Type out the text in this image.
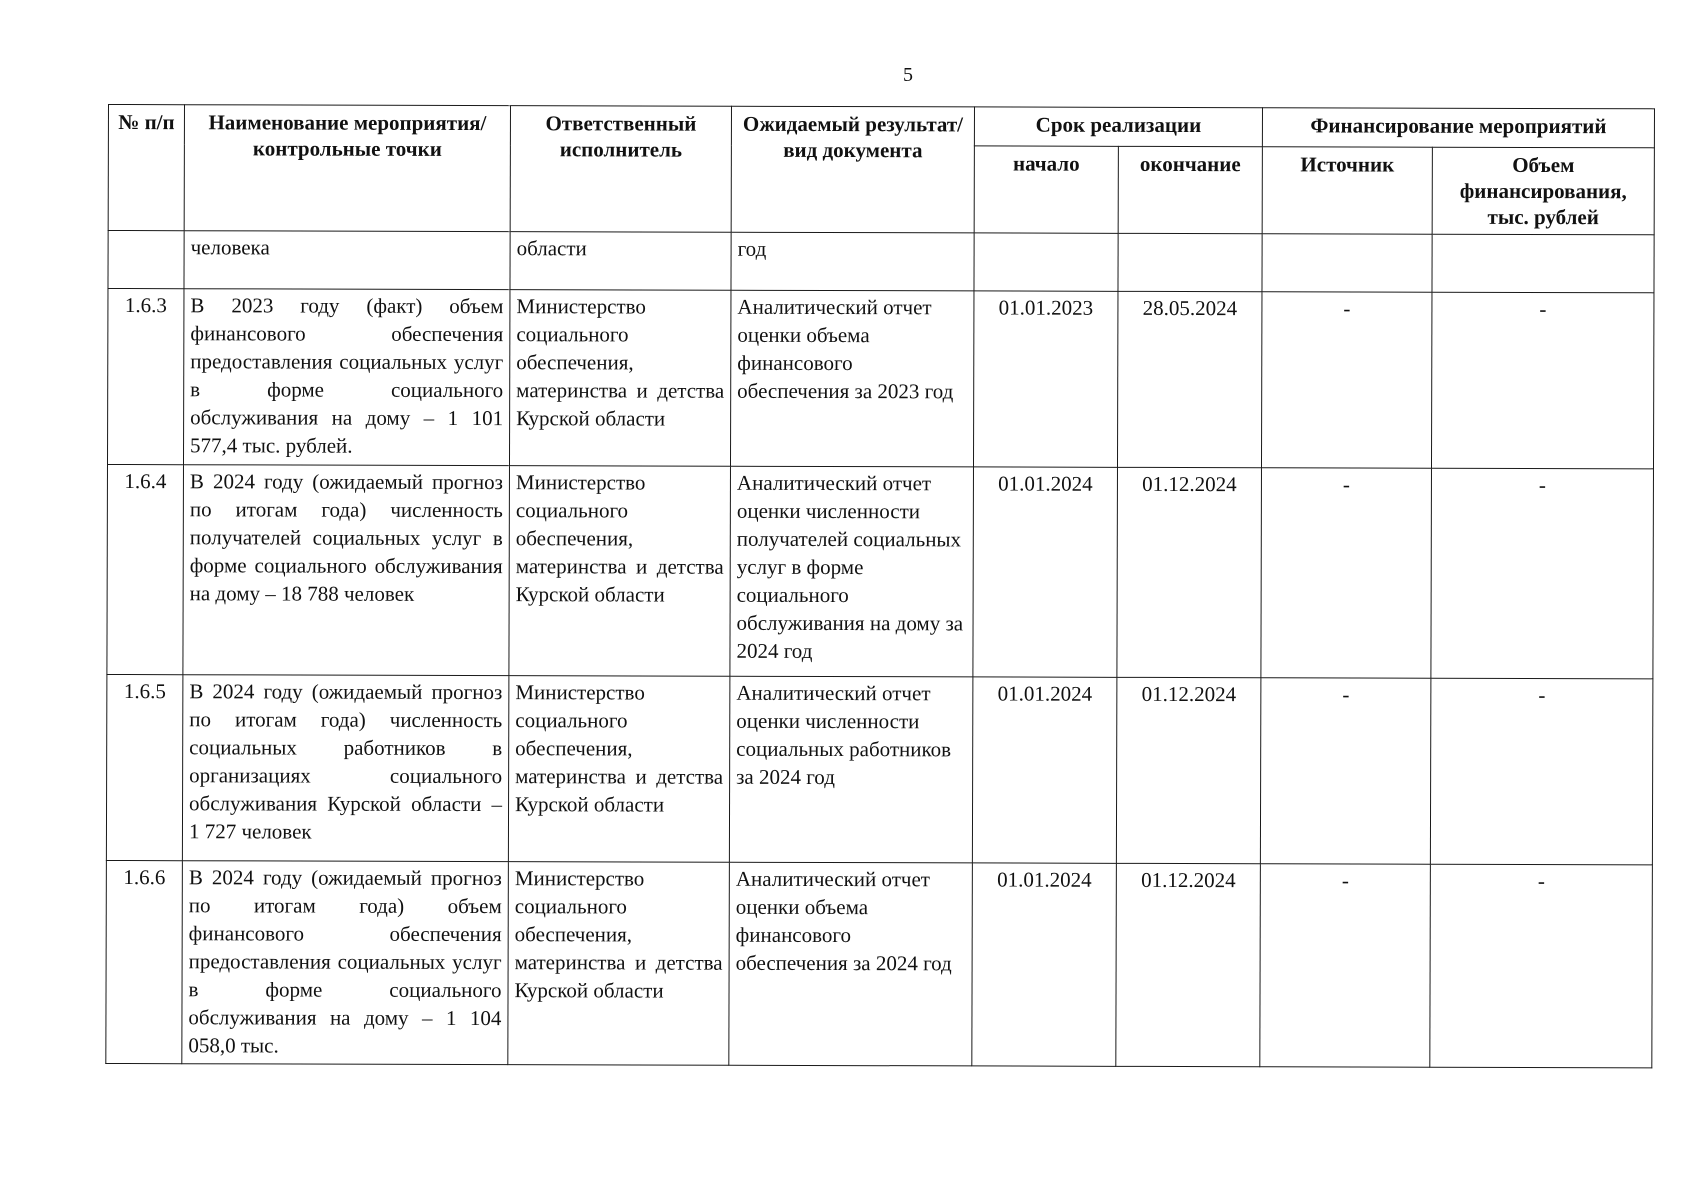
5
№ п/п	Наименование мероприятия/контрольные точки	Ответственный исполнитель	Ожидаемый результат/вид документа	Срок реализации		Финансирование мероприятий	
				начало	окончание	Источник	Объем финансирования, тыс. рублей
	человека	области	год				
1.6.3	В 2023 году (факт) объем финансового обеспечения предоставления социальных услуг в форме социального обслуживания на дому – 1 101 577,4 тыс. рублей.	Министерство социального обеспечения, материнства и детства Курской области	Аналитический отчет оценки объема финансового обеспечения за 2023 год	01.01.2023	28.05.2024	-	-
1.6.4	В 2024 году (ожидаемый прогноз по итогам года) численность получателей социальных услуг в форме социального обслуживания на дому – 18 788 человек	Министерство социального обеспечения, материнства и детства Курской области	Аналитический отчет оценки численности получателей социальных услуг в форме социального обслуживания на дому за 2024 год	01.01.2024	01.12.2024	-	-
1.6.5	В 2024 году (ожидаемый прогноз по итогам года) численность социальных работников в организациях социального обслуживания Курской области – 1 727 человек	Министерство социального обеспечения, материнства и детства Курской области	Аналитический отчет оценки численности социальных работников за 2024 год	01.01.2024	01.12.2024	-	-
1.6.6	В 2024 году (ожидаемый прогноз по итогам года) объем финансового обеспечения предоставления социальных услуг в форме социального обслуживания на дому – 1 104 058,0 тыс.	Министерство социального обеспечения, материнства и детства Курской области	Аналитический отчет оценки объема финансового обеспечения за 2024 год	01.01.2024	01.12.2024	-	-
